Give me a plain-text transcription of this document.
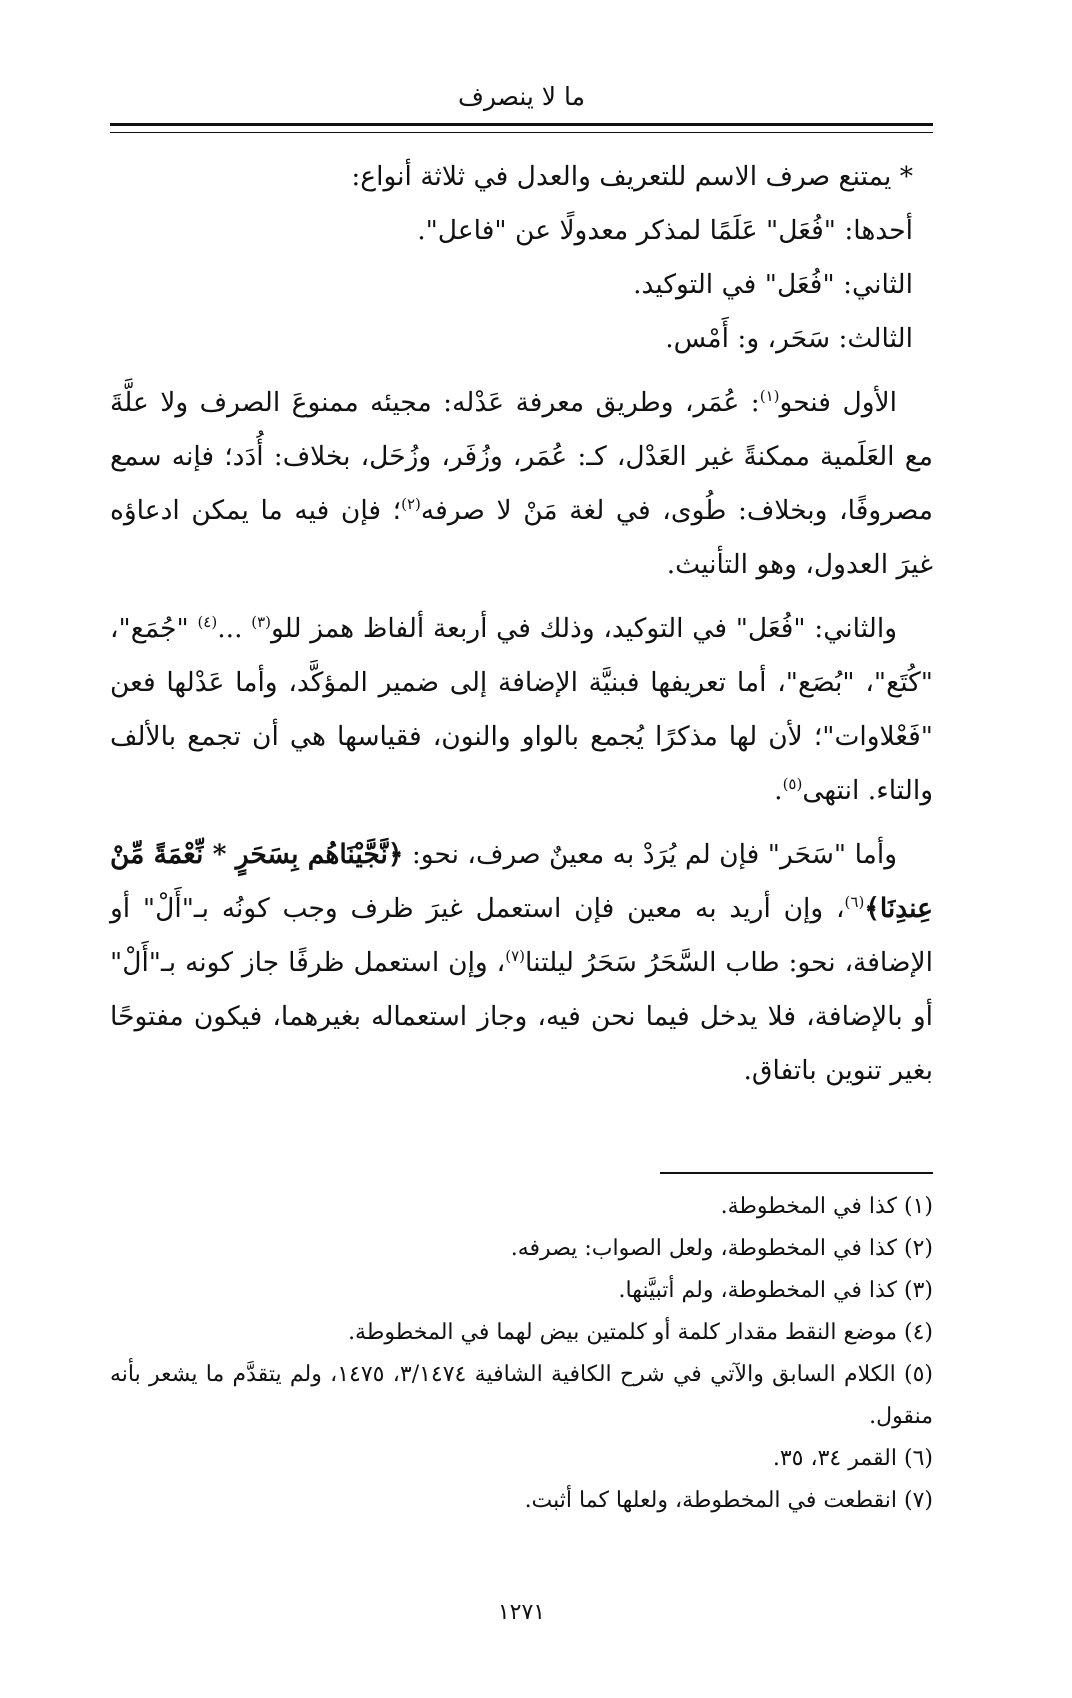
ما لا ينصرف

* يمتنع صرف الاسم للتعريف والعدل في ثلاثة أنواع:

أحدها: "فُعَل" عَلَمًا لمذكر معدولًا عن "فاعل".

الثاني: "فُعَل" في التوكيد.

الثالث: سَحَر، و: أَمْس.

الأول فنحو$^{(١)}$: عُمَر، وطريق معرفة عَدْله: مجيئه ممنوعَ الصرف ولا علَّةَ مع العَلَمية ممكنةً غير العَدْل، كـ: عُمَر، وزُفَر، وزُحَل، بخلاف: أُدَد؛ فإنه سمع مصروفًا، وبخلاف: طُوى، في لغة مَنْ لا صرفه$^{(٢)}$؛ فإن فيه ما يمكن ادعاؤه غيرَ العدول، وهو التأنيث.

والثاني: "فُعَل" في التوكيد، وذلك في أربعة ألفاظ همز للو$^{(٣)}$ ...$^{(٤)}$ "جُمَع"، "كُتَع"، "بُصَع"، أما تعريفها فبنيَّة الإضافة إلى ضمير المؤكَّد، وأما عَدْلها فعن "فَعْلاوات"؛ لأن لها مذكرًا يُجمع بالواو والنون، فقياسها هي أن تجمع بالألف والتاء. انتهى$^{(٥)}$.

وأما "سَحَر" فإن لم يُرَدْ به معينٌ صرف، نحو: ﴿نَّجَّيْنَاهُم بِسَحَرٍ * نِّعْمَةً مِّنْ عِندِنَا﴾$^{(٦)}$، وإن أريد به معين فإن استعمل غيرَ ظرف وجب كونُه بـ"أَلْ" أو الإضافة، نحو: طاب السَّحَرُ سَحَرُ ليلتنا$^{(٧)}$، وإن استعمل ظرفًا جاز كونه بـ"أَلْ" أو بالإضافة، فلا يدخل فيما نحن فيه، وجاز استعماله بغيرهما، فيكون مفتوحًا بغير تنوين باتفاق.

(١) كذا في المخطوطة.
(٢) كذا في المخطوطة، ولعل الصواب: يصرفه.
(٣) كذا في المخطوطة، ولم أتبيَّنها.
(٤) موضع النقط مقدار كلمة أو كلمتين بيض لهما في المخطوطة.
(٥) الكلام السابق والآتي في شرح الكافية الشافية ٣/١٤٧٤، ١٤٧٥، ولم يتقدَّم ما يشعر بأنه منقول.
(٦) القمر ٣٤، ٣٥.
(٧) انقطعت في المخطوطة، ولعلها كما أثبت.
١٢٧١
